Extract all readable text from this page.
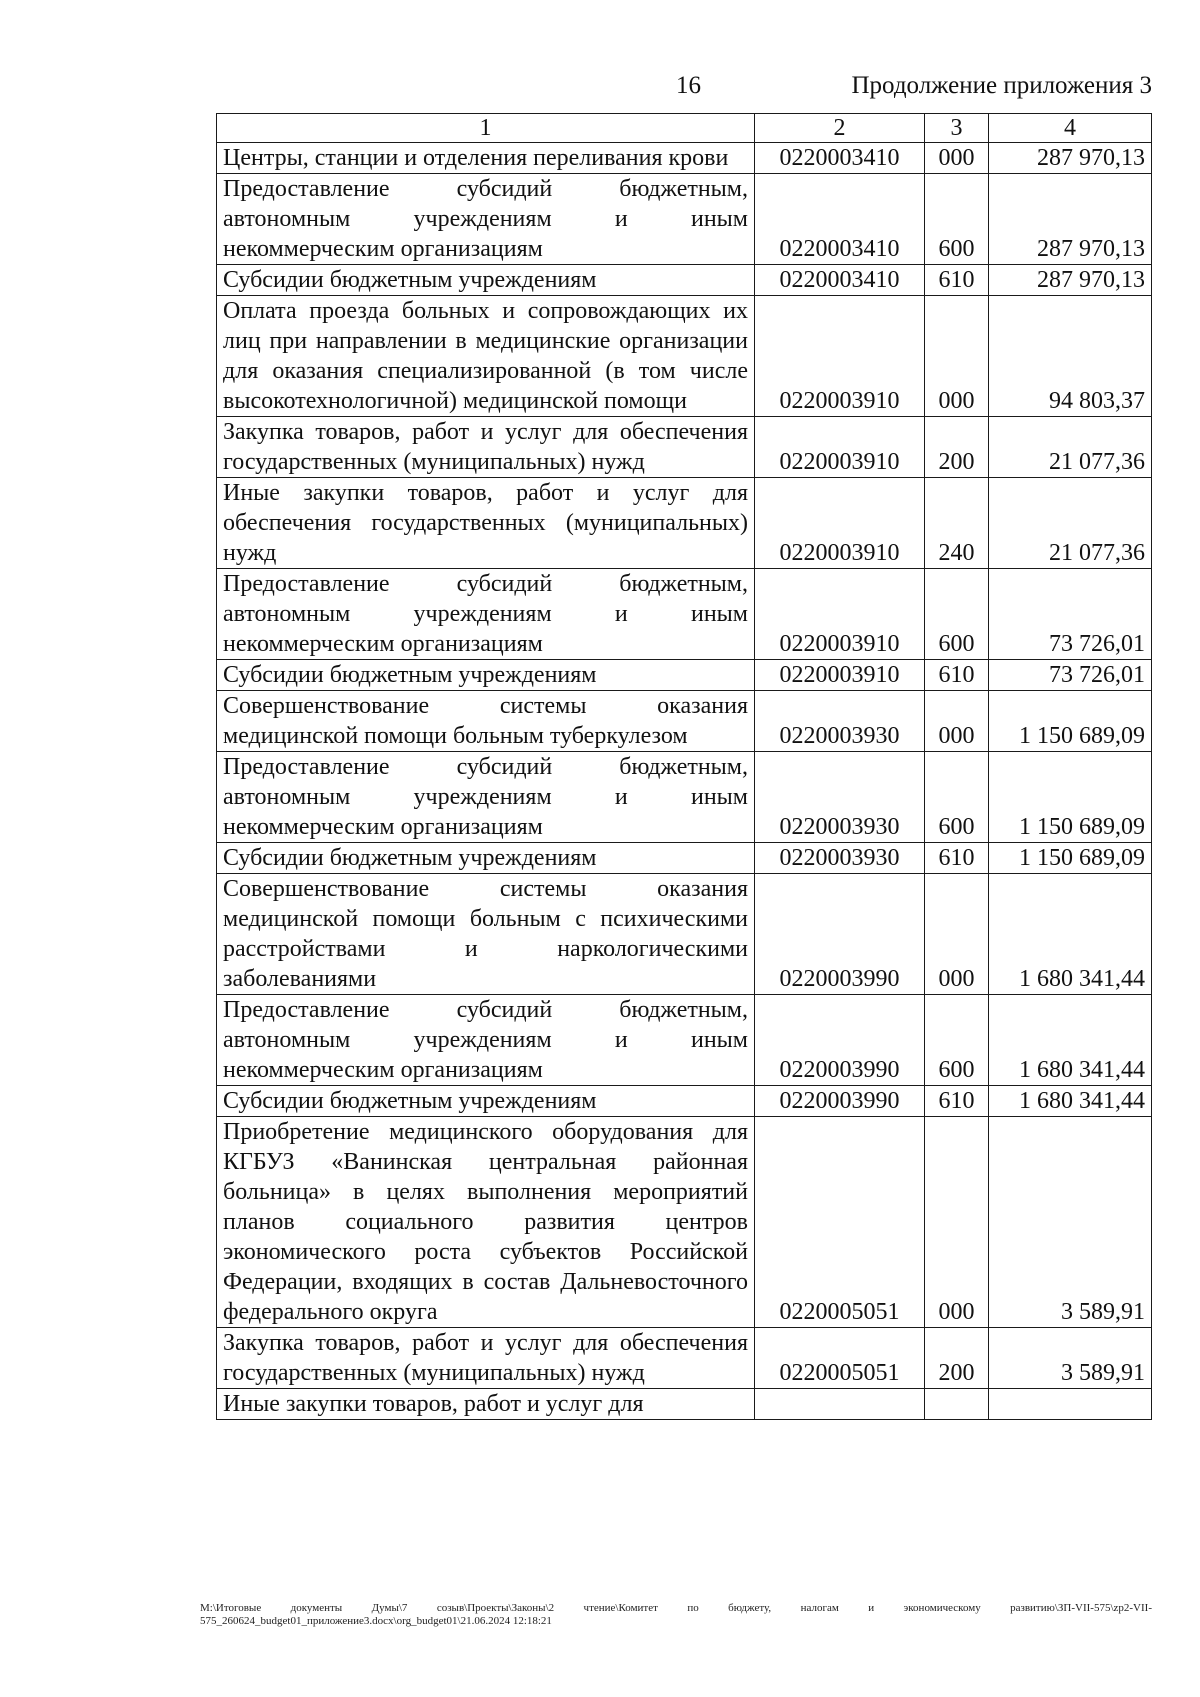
16	Продолжение приложения 3
1	2	3	4
Центры, станции и отделения переливания крови	0220003410	000	287 970,13
Предоставление субсидий бюджетным, автономным учреждениям и иным некоммерческим организациям	0220003410	600	287 970,13
Субсидии бюджетным учреждениям	0220003410	610	287 970,13
Оплата проезда больных и сопровождающих их лиц при направлении в медицинские организации для оказания специализированной (в том числе высокотехнологичной) медицинской помощи	0220003910	000	94 803,37
Закупка товаров, работ и услуг для обеспечения государственных (муниципальных) нужд	0220003910	200	21 077,36
Иные закупки товаров, работ и услуг для обеспечения государственных (муниципальных) нужд	0220003910	240	21 077,36
Предоставление субсидий бюджетным, автономным учреждениям и иным некоммерческим организациям	0220003910	600	73 726,01
Субсидии бюджетным учреждениям	0220003910	610	73 726,01
Совершенствование системы оказания медицинской помощи больным туберкулезом	0220003930	000	1 150 689,09
Предоставление субсидий бюджетным, автономным учреждениям и иным некоммерческим организациям	0220003930	600	1 150 689,09
Субсидии бюджетным учреждениям	0220003930	610	1 150 689,09
Совершенствование системы оказания медицинской помощи больным с психическими расстройствами и наркологическими заболеваниями	0220003990	000	1 680 341,44
Предоставление субсидий бюджетным, автономным учреждениям и иным некоммерческим организациям	0220003990	600	1 680 341,44
Субсидии бюджетным учреждениям	0220003990	610	1 680 341,44
Приобретение медицинского оборудования для КГБУЗ «Ванинская центральная районная больница» в целях выполнения мероприятий планов социального развития центров экономического роста субъектов Российской Федерации, входящих в состав Дальневосточного федерального округа	0220005051	000	3 589,91
Закупка товаров, работ и услуг для обеспечения государственных (муниципальных) нужд	0220005051	200	3 589,91
Иные закупки товаров, работ и услуг для			
M:\Итоговые документы Думы\7 созыв\Проекты\Законы\2 чтение\Комитет по бюджету, налогам и экономическому развитию\ЗП-VII-575\zp2-VII-575_260624_budget01_приложение3.docx\org_budget01\21.06.2024 12:18:21
